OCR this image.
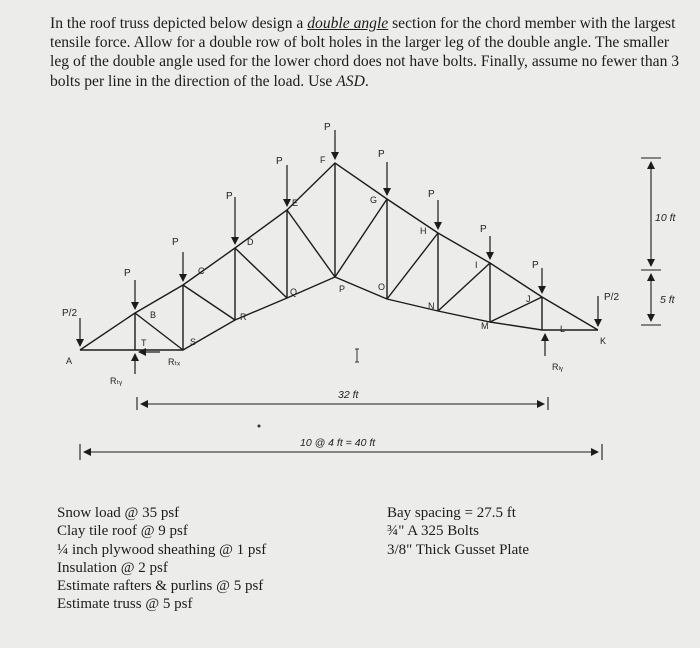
In the roof truss depicted below design a double angle section for the chord member with the largest tensile force. Allow for a double row of bolt holes in the larger leg of the double angle. The smaller leg of the double angle used for the lower chord does not have bolts. Finally, assume no fewer than 3 bolts per line in the direction of the load. Use ASD.

P/2
P
P
P
P
P
P
P
P
P
P/2
A
B
C
D
E
F
G
H
I
J
K
L
M
N
O
P
Q
R
S
T
Rₜᵧ
Rₜₓ	Rₗᵧ
32 ft
10 @ 4 ft = 40 ft
10 ft
5 ft
Snow load @ 35 psf
Clay tile roof @ 9 psf
¼ inch plywood sheathing @ 1 psf
Insulation @ 2 psf
Estimate rafters & purlins @ 5 psf
Estimate truss @ 5 psf
Bay spacing = 27.5 ft
¾" A 325 Bolts
3/8" Thick Gusset Plate
